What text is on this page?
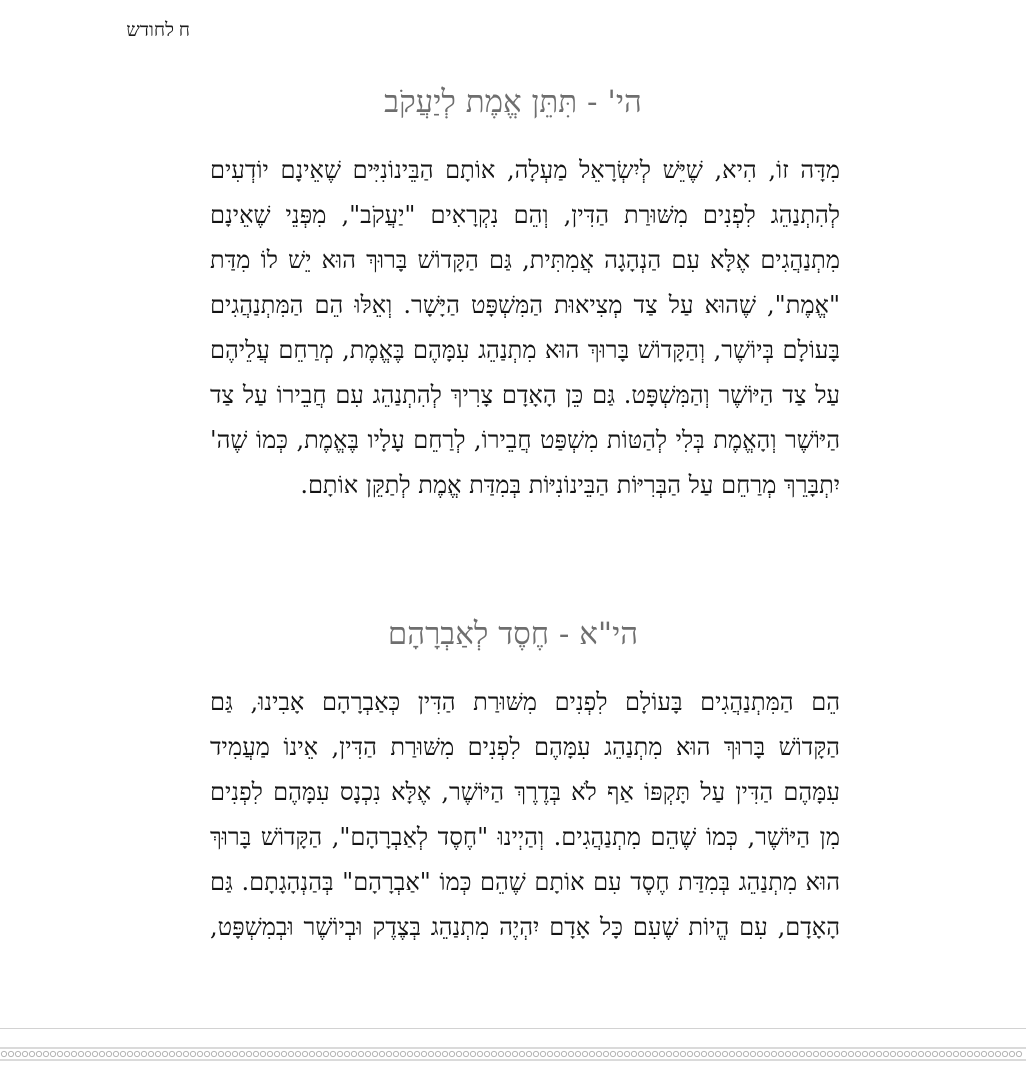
ח לחודש
הי' - תִּתֵּן אֱמֶת לְיַעֲקֹב
מִדָּה זוֹ, הִיא, שֶׁיֵּשׁ לְיִשְׂרָאֵל מַעְלָה, אוֹתָם הַבֵּינוֹנִיִּים שֶׁאֵינָם יוֹדְעִים
לְהִתְנַהֵג לִפְנִים מִשּׁוּרַת הַדִּין, וְהֵם נִקְרָאִים "יַעֲקֹב", מִפְּנֵי שֶׁאֵינָם
מִתְנַהֲגִים אֶלָּא עִם הַנְהָגָה אֲמִתִּית, גַּם הַקָּדוֹשׁ בָּרוּךְ הוּא יֵשׁ לוֹ מִדַּת
"אֱמֶת", שֶׁהוּא עַל צַד מְצִיאוּת הַמִּשְׁפָּט הַיָּשָׁר. וְאֵלּוּ הֵם הַמִּתְנַהֲגִים
בָּעוֹלָם בְּיוֹשֶׁר, וְהַקָּדוֹשׁ בָּרוּךְ הוּא מִתְנַהֵג עִמָּהֶם בֶּאֱמֶת, מְרַחֵם עֲלֵיהֶם
עַל צַד הַיּוֹשֶׁר וְהַמִּשְׁפָּט. גַּם כֵּן הָאָדָם צָרִיךְ לְהִתְנַהֵג עִם חֲבֵירוֹ עַל צַד
הַיּוֹשֶׁר וְהָאֱמֶת בְּלִי לְהַטּוֹת מִשְׁפַּט חֲבֵירוֹ, לְרַחֵם עָלָיו בֶּאֱמֶת, כְּמוֹ שֶׁה'
יִתְבָּרֵךְ מְרַחֵם עַל הַבְּרִיּוֹת הַבֵּינוֹנִיּוֹת בְּמִדַּת אֱמֶת לְתַקֵּן אוֹתָם.
הי"א - חֶסֶד לְאַבְרָהָם
הֵם הַמִּתְנַהֲגִים בָּעוֹלָם לִפְנִים מִשּׁוּרַת הַדִּין כְּאַבְרָהָם אָבִינוּ, גַּם
הַקָּדוֹשׁ בָּרוּךְ הוּא מִתְנַהֵג עִמָּהֶם לִפְנִים מִשּׁוּרַת הַדִּין, אֵינוֹ מַעֲמִיד
עִמָּהֶם הַדִּין עַל תָּקְפּוֹ אַף לֹא בְּדֶרֶךְ הַיּוֹשֶׁר, אֶלָּא נִכְנָס עִמָּהֶם לִפְנִים
מִן הַיּוֹשֶׁר, כְּמוֹ שֶׁהֵם מִתְנַהֲגִים. וְהַיְינוּ "חֶסֶד לְאַבְרָהָם", הַקָּדוֹשׁ בָּרוּךְ
הוּא מִתְנַהֵג בְּמִדַּת חֶסֶד עִם אוֹתָם שֶׁהֵם כְּמוֹ "אַבְרָהָם" בְּהַנְהָגָתָם. גַּם
הָאָדָם, עִם הֱיוֹת שֶׁעִם כָּל אָדָם יִהְיֶה מִתְנַהֵג בְּצֶדֶק וּבְיוֹשֶׁר וּבְמִשְׁפָּט,
